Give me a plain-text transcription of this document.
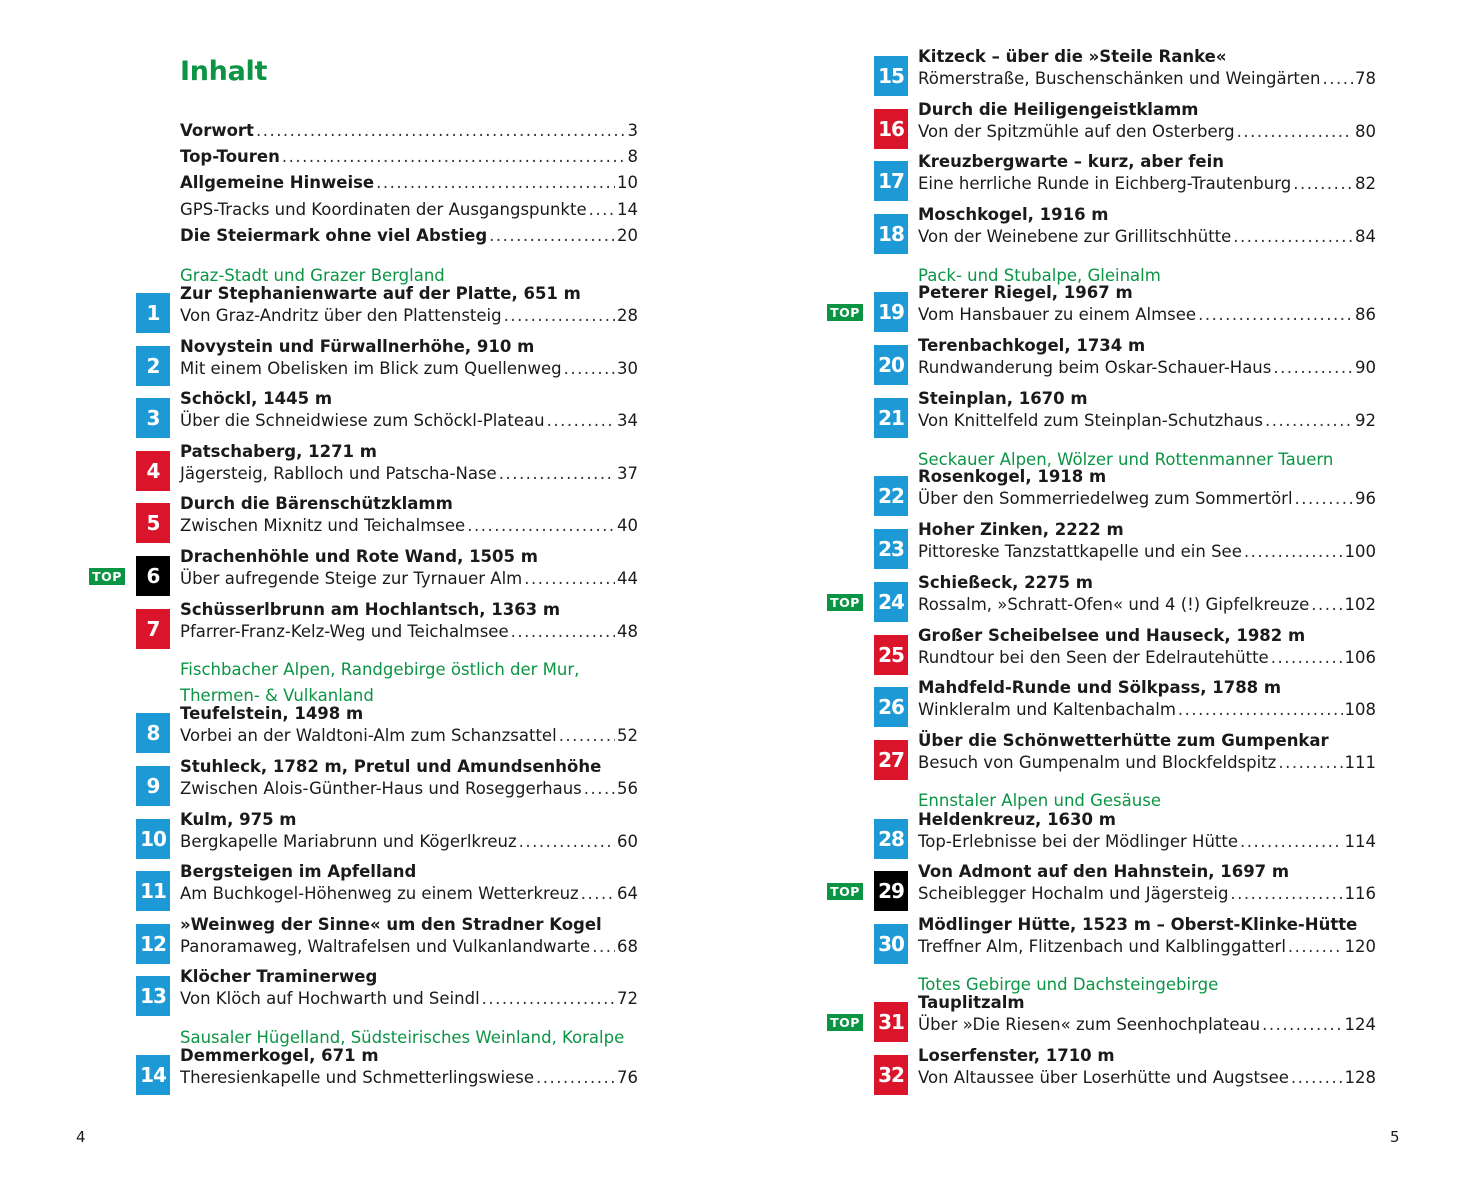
Inhalt
Vorwort .....	3
Top-Touren .....	8
Allgemeine Hinweise .....	10
GPS-Tracks und Koordinaten der Ausgangspunkte ..... 14
Die Steiermark ohne viel Abstieg .....	20
Graz-Stadt und Grazer Bergland
Fischbacher Alpen, Randgebirge östlich der Mur,
Thermen- & Vulkanland
Sausaler Hügelland, Südsteirisches Weinland, Koralpe
1
Zur Stephanienwarte auf der Platte, 651 m
Von Graz-Andritz über den Plattensteig .....	28
2
Novystein und Fürwallnerhöhe, 910 m
Mit einem Obelisken im Blick zum Quellenweg .....	30
3
Schöckl, 1445 m
Über die Schneidwiese zum Schöckl-Plateau .....	34
4
Patschaberg, 1271 m
Jägersteig, Rablloch und Patscha-Nase .....	37
5
Durch die Bärenschützklamm
Zwischen Mixnitz und Teichalmsee .....	40
6
Drachenhöhle und Rote Wand, 1505 m
Über aufregende Steige zur Tyrnauer Alm .....	44
TOP
7
Schüsserlbrunn am Hochlantsch, 1363 m
Pfarrer-Franz-Kelz-Weg und Teichalmsee .....	48
8
Teufelstein, 1498 m
Vorbei an der Waldtoni-Alm zum Schanzsattel .....	52
9
Stuhleck, 1782 m, Pretul und Amundsenhöhe
Zwischen Alois-Günther-Haus und Roseggerhaus ..... 56
10
Kulm, 975 m
Bergkapelle Mariabrunn und Kögerlkreuz .....	60
11
Bergsteigen im Apfelland
Am Buchkogel-Höhenweg zu einem Wetterkreuz ..... 64
12
»Weinweg der Sinne« um den Stradner Kogel
Panoramaweg, Waltrafelsen und Vulkanlandwarte ..... 68
13
Klöcher Traminerweg
Von Klöch auf Hochwarth und Seindl .....	72
14
Demmerkogel, 671 m
Theresienkapelle und Schmetterlingswiese .....	76
4
Pack- und Stubalpe, Gleinalm
Seckauer Alpen, Wölzer und Rottenmanner Tauern
Ennstaler Alpen und Gesäuse
Totes Gebirge und Dachsteingebirge
15
Kitzeck – über die »Steile Ranke«
Römerstraße, Buschenschänken und Weingärten ..... 78
16
Durch die Heiligengeistklamm
Von der Spitzmühle auf den Osterberg .....	80
17
Kreuzbergwarte – kurz, aber fein
Eine herrliche Runde in Eichberg-Trautenburg .....	82
18
Moschkogel, 1916 m
Von der Weinebene zur Grillitschhütte .....	84
19
Peterer Riegel, 1967 m
Vom Hansbauer zu einem Almsee .....	86
TOP
20
Terenbachkogel, 1734 m
Rundwanderung beim Oskar-Schauer-Haus .....	90
21
Steinplan, 1670 m
Von Knittelfeld zum Steinplan-Schutzhaus .....	92
22
Rosenkogel, 1918 m
Über den Sommerriedelweg zum Sommertörl .....	96
23
Hoher Zinken, 2222 m
Pittoreske Tanzstattkapelle und ein See .....	100
24
Schießeck, 2275 m
Rossalm, »Schratt-Ofen« und 4 (!) Gipfelkreuze ..... 102
TOP
25
Großer Scheibelsee und Hauseck, 1982 m
Rundtour bei den Seen der Edelrautehütte .....	106
26
Mahdfeld-Runde und Sölkpass, 1788 m
Winkleralm und Kaltenbachalm .....	108
27
Über die Schönwetterhütte zum Gumpenkar
Besuch von Gumpenalm und Blockfeldspitz .....	111
28
Heldenkreuz, 1630 m
Top-Erlebnisse bei der Mödlinger Hütte .....	114
29
Von Admont auf den Hahnstein, 1697 m
Scheiblegger Hochalm und Jägersteig .....	116
TOP
30
Mödlinger Hütte, 1523 m – Oberst-Klinke-Hütte
Treffner Alm, Flitzenbach und Kalblinggatterl .....	120
31
Tauplitzalm
Über »Die Riesen« zum Seenhochplateau .....	124
TOP
32
Loserfenster, 1710 m
Von Altaussee über Loserhütte und Augstsee .....	128
5
